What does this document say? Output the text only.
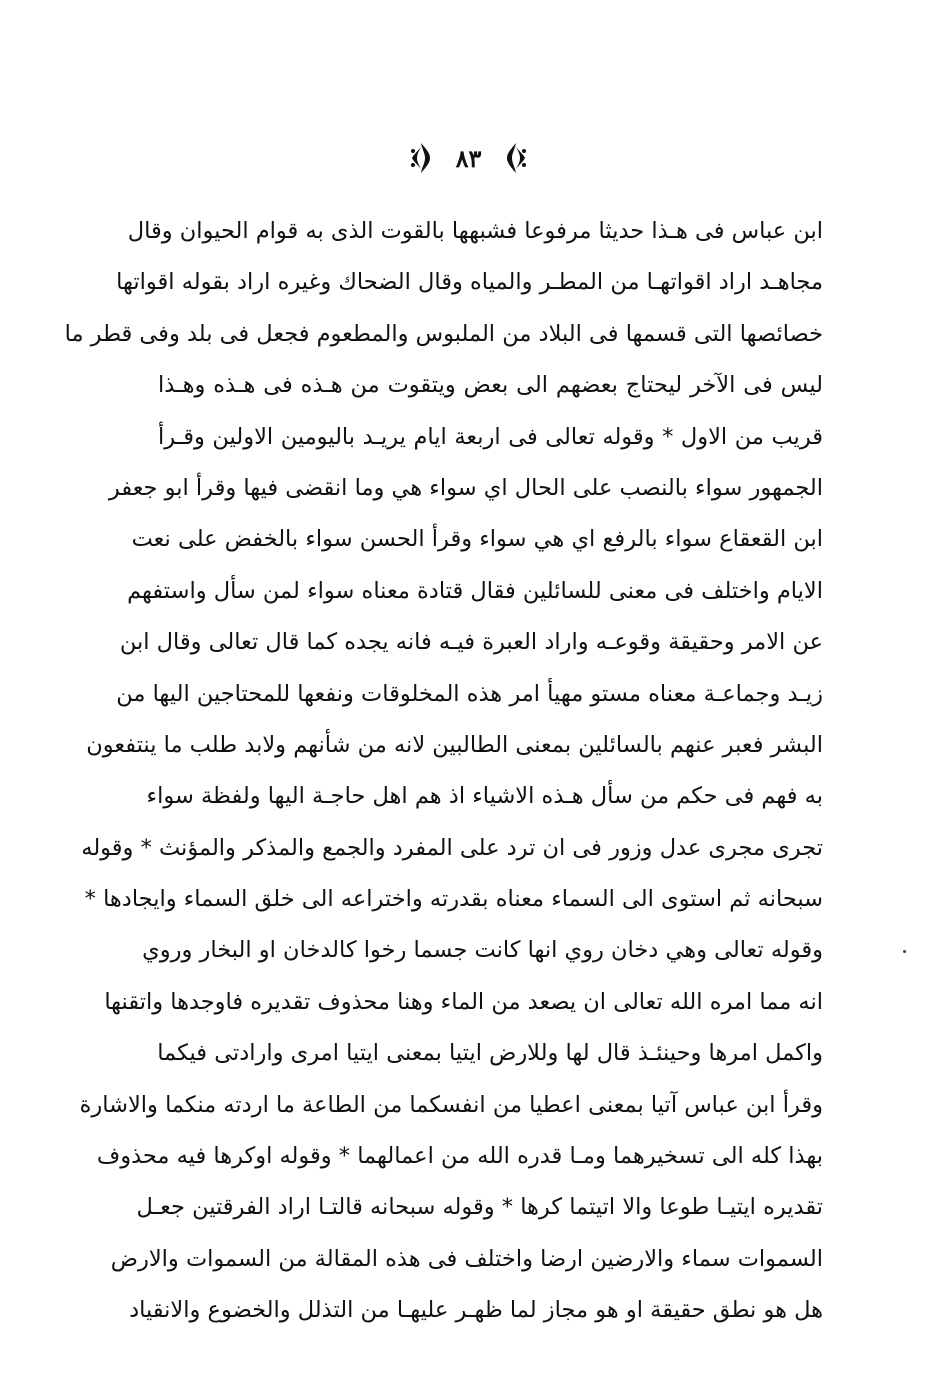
٨٣
ابن عباس فى هـذا حديثا مرفوعا فشبهها بالقوت الذى به قوام الحيوان وقال
مجاهـد اراد اقواتهـا من المطـر والمياه وقال الضحاك وغيره اراد بقوله اقواتها
خصائصها التى قسمها فى البلاد من الملبوس والمطعوم فجعل فى بلد وفى قطر ما
ليس فى الآخر ليحتاج بعضهم الى بعض ويتقوت من هـذه فى هـذه وهـذا
قريب من الاول * وقوله تعالى فى اربعة ايام يريـد باليومين الاولين وقـرأ
الجمهور سواء بالنصب على الحال اي سواء هي وما انقضى فيها وقرأ ابو جعفر
ابن القعقاع سواء بالرفع اي هي سواء وقرأ الحسن سواء بالخفض على نعت
الايام واختلف فى معنى للسائلين فقال قتادة معناه سواء لمن سأل واستفهم
عن الامر وحقيقة وقوعـه واراد العبرة فيـه فانه يجده كما قال تعالى وقال ابن
زيـد وجماعـة معناه مستو مهيأ امر هذه المخلوقات ونفعها للمحتاجين اليها من
البشر فعبر عنهم بالسائلين بمعنى الطالبين لانه من شأنهم ولابد طلب ما ينتفعون
به فهم فى حكم من سأل هـذه الاشياء اذ هم اهل حاجـة اليها ولفظة سواء
تجرى مجرى عدل وزور فى ان ترد على المفرد والجمع والمذكر والمؤنث * وقوله
سبحانه ثم استوى الى السماء معناه بقدرته واختراعه الى خلق السماء وايجادها *
وقوله تعالى وهي دخان روي انها كانت جسما رخوا كالدخان او البخار وروي
انه مما امره الله تعالى ان يصعد من الماء وهنا محذوف تقديره فاوجدها واتقنها
واكمل امرها وحينئـذ قال لها وللارض ايتيا بمعنى ايتيا امرى وارادتى فيكما
وقرأ ابن عباس آتيا بمعنى اعطيا من انفسكما من الطاعة ما اردته منكما والاشارة
بهذا كله الى تسخيرهما ومـا قدره الله من اعمالهما * وقوله اوكرها فيه محذوف
تقديره ايتيـا طوعا والا اتيتما كرها * وقوله سبحانه قالتـا اراد الفرقتين جعـل
السموات سماء والارضين ارضا واختلف فى هذه المقالة من السموات والارض
هل هو نطق حقيقة او هو مجاز لما ظهـر عليهـا من التذلل والخضوع والانقياد
